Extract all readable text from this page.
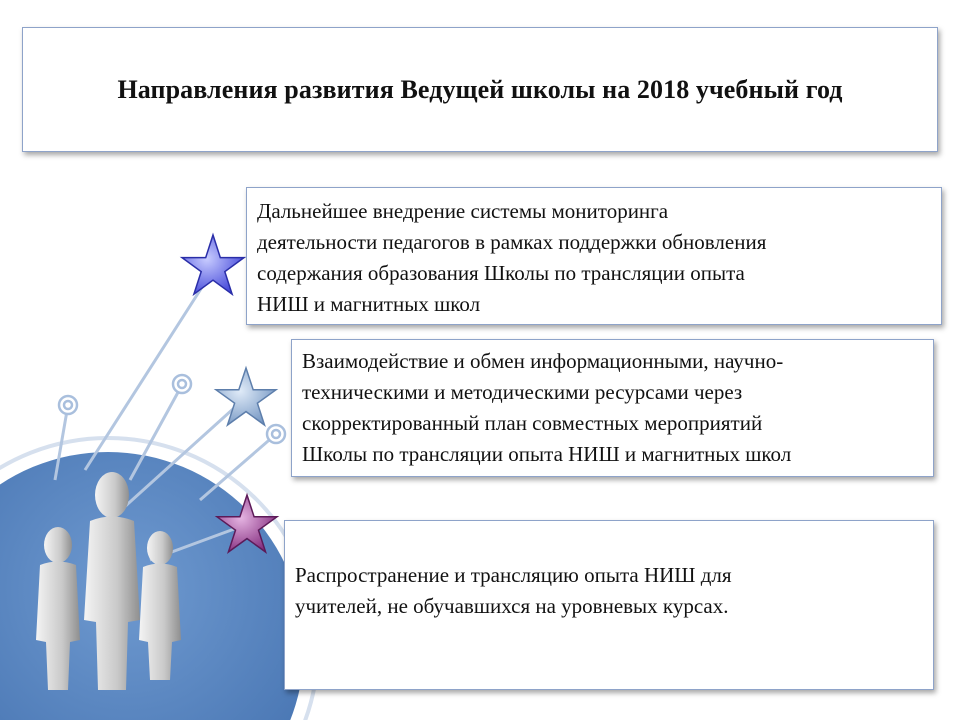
Направления развития Ведущей школы на 2018 учебный год
Дальнейшее внедрение системы мониторинга
деятельности педагогов в рамках поддержки обновления
содержания образования Школы по трансляции опыта
НИШ и магнитных школ
Взаимодействие и обмен информационными, научно-
техническими и методическими ресурсами через
скорректированный план совместных мероприятий
Школы по трансляции опыта НИШ и магнитных школ
Распространение и трансляцию опыта НИШ для
учителей, не обучавшихся на уровневых курсах.
